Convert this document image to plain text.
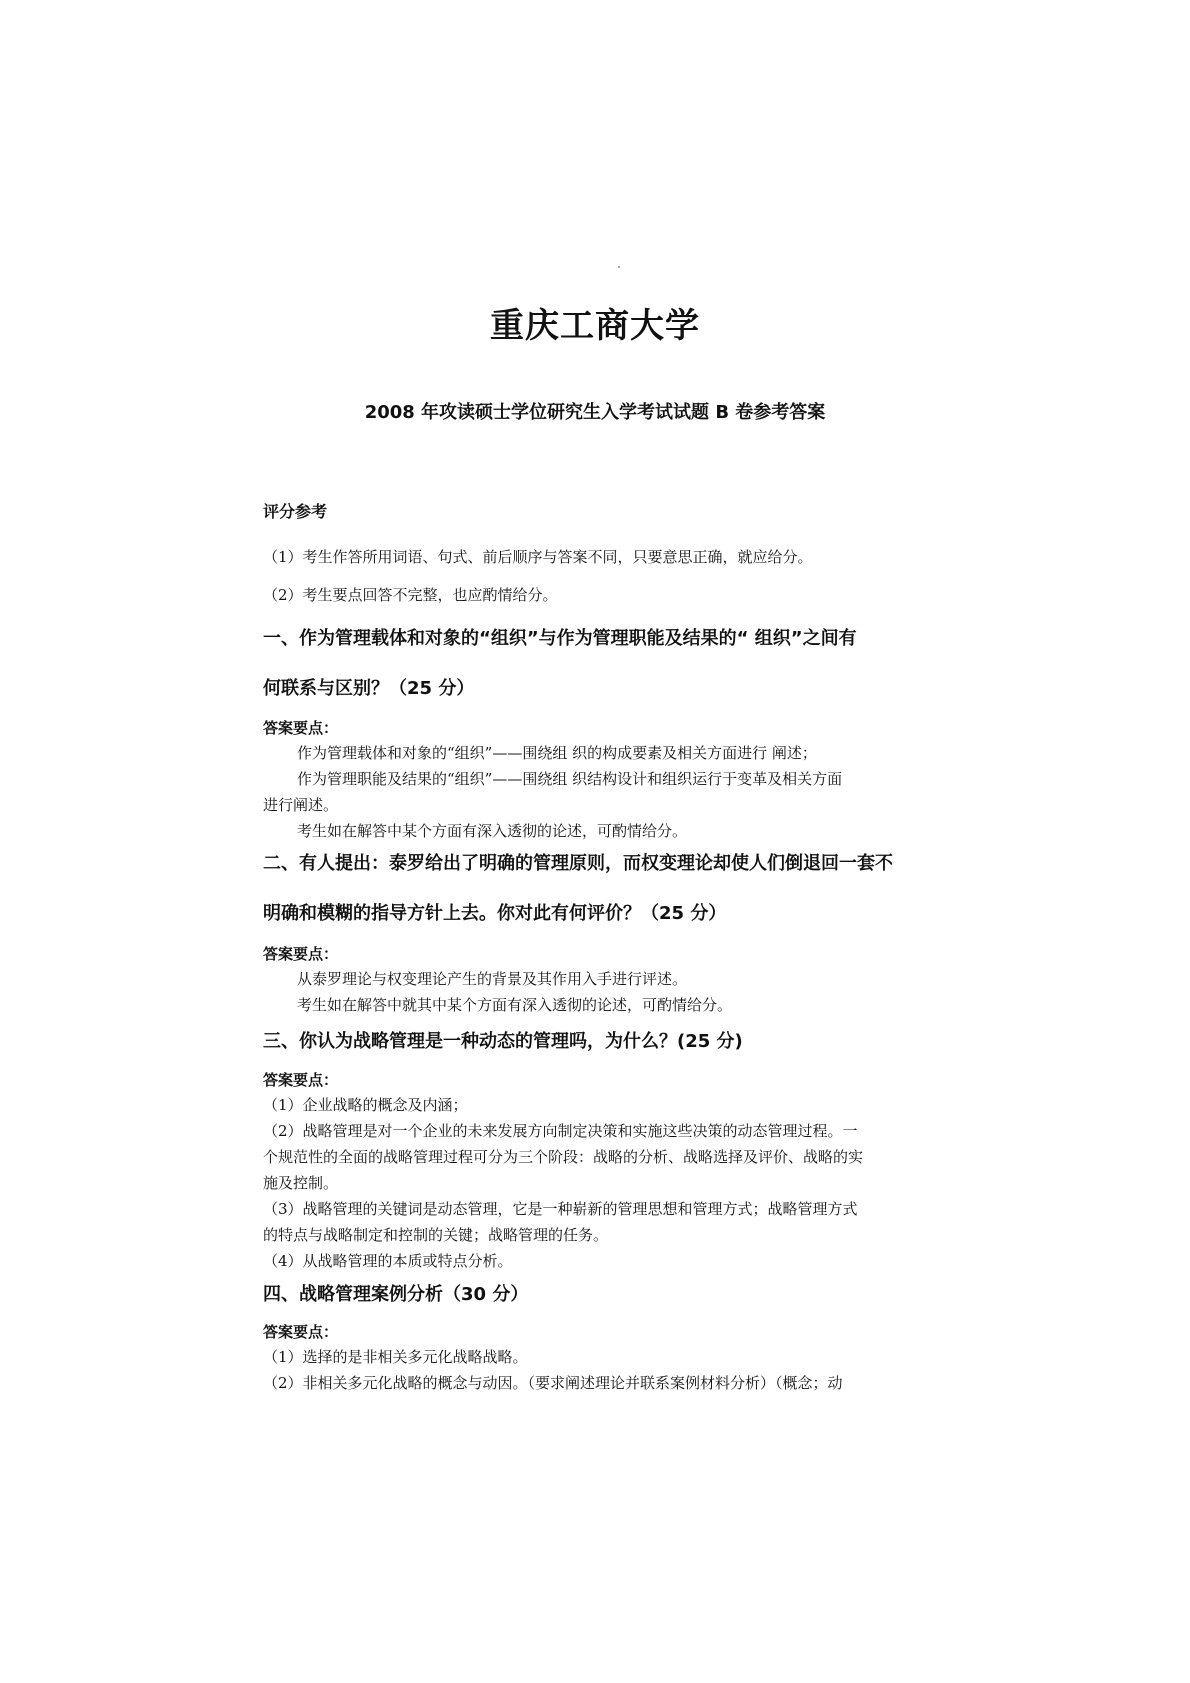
重庆工商大学
2008 年攻读硕士学位研究生入学考试试题 B 卷参考答案

评分参考

（1）考生作答所用词语、句式、前后顺序与答案不同，只要意思正确，就应给分。

（2）考生要点回答不完整，也应酌情给分。

一、作为管理载体和对象的“组织”与作为管理职能及结果的“ 组织”之间有

何联系与区别？（25 分）

答案要点：

作为管理载体和对象的“组织”——围绕组 织的构成要素及相关方面进行 阐述；

作为管理职能及结果的“组织”——围绕组 织结构设计和组织运行于变革及相关方面

进行阐述。

考生如在解答中某个方面有深入透彻的论述，可酌情给分。

二、有人提出：泰罗给出了明确的管理原则，而权变理论却使人们倒退回一套不

明确和模糊的指导方针上去。你对此有何评价？（25 分）

答案要点：

从泰罗理论与权变理论产生的背景及其作用入手进行评述。

考生如在解答中就其中某个方面有深入透彻的论述，可酌情给分。

三、你认为战略管理是一种动态的管理吗，为什么？(25 分)

答案要点：

（1）企业战略的概念及内涵；

（2）战略管理是对一个企业的未来发展方向制定决策和实施这些决策的动态管理过程。一

个规范性的全面的战略管理过程可分为三个阶段：战略的分析、战略选择及评价、战略的实

施及控制。

（3）战略管理的关键词是动态管理，它是一种崭新的管理思想和管理方式；战略管理方式

的特点与战略制定和控制的关键；战略管理的任务。

（4）从战略管理的本质或特点分析。

四、战略管理案例分析（30 分）

答案要点：

（1）选择的是非相关多元化战略战略。

（2）非相关多元化战略的概念与动因。（要求阐述理论并联系案例材料分析）（概念；动
